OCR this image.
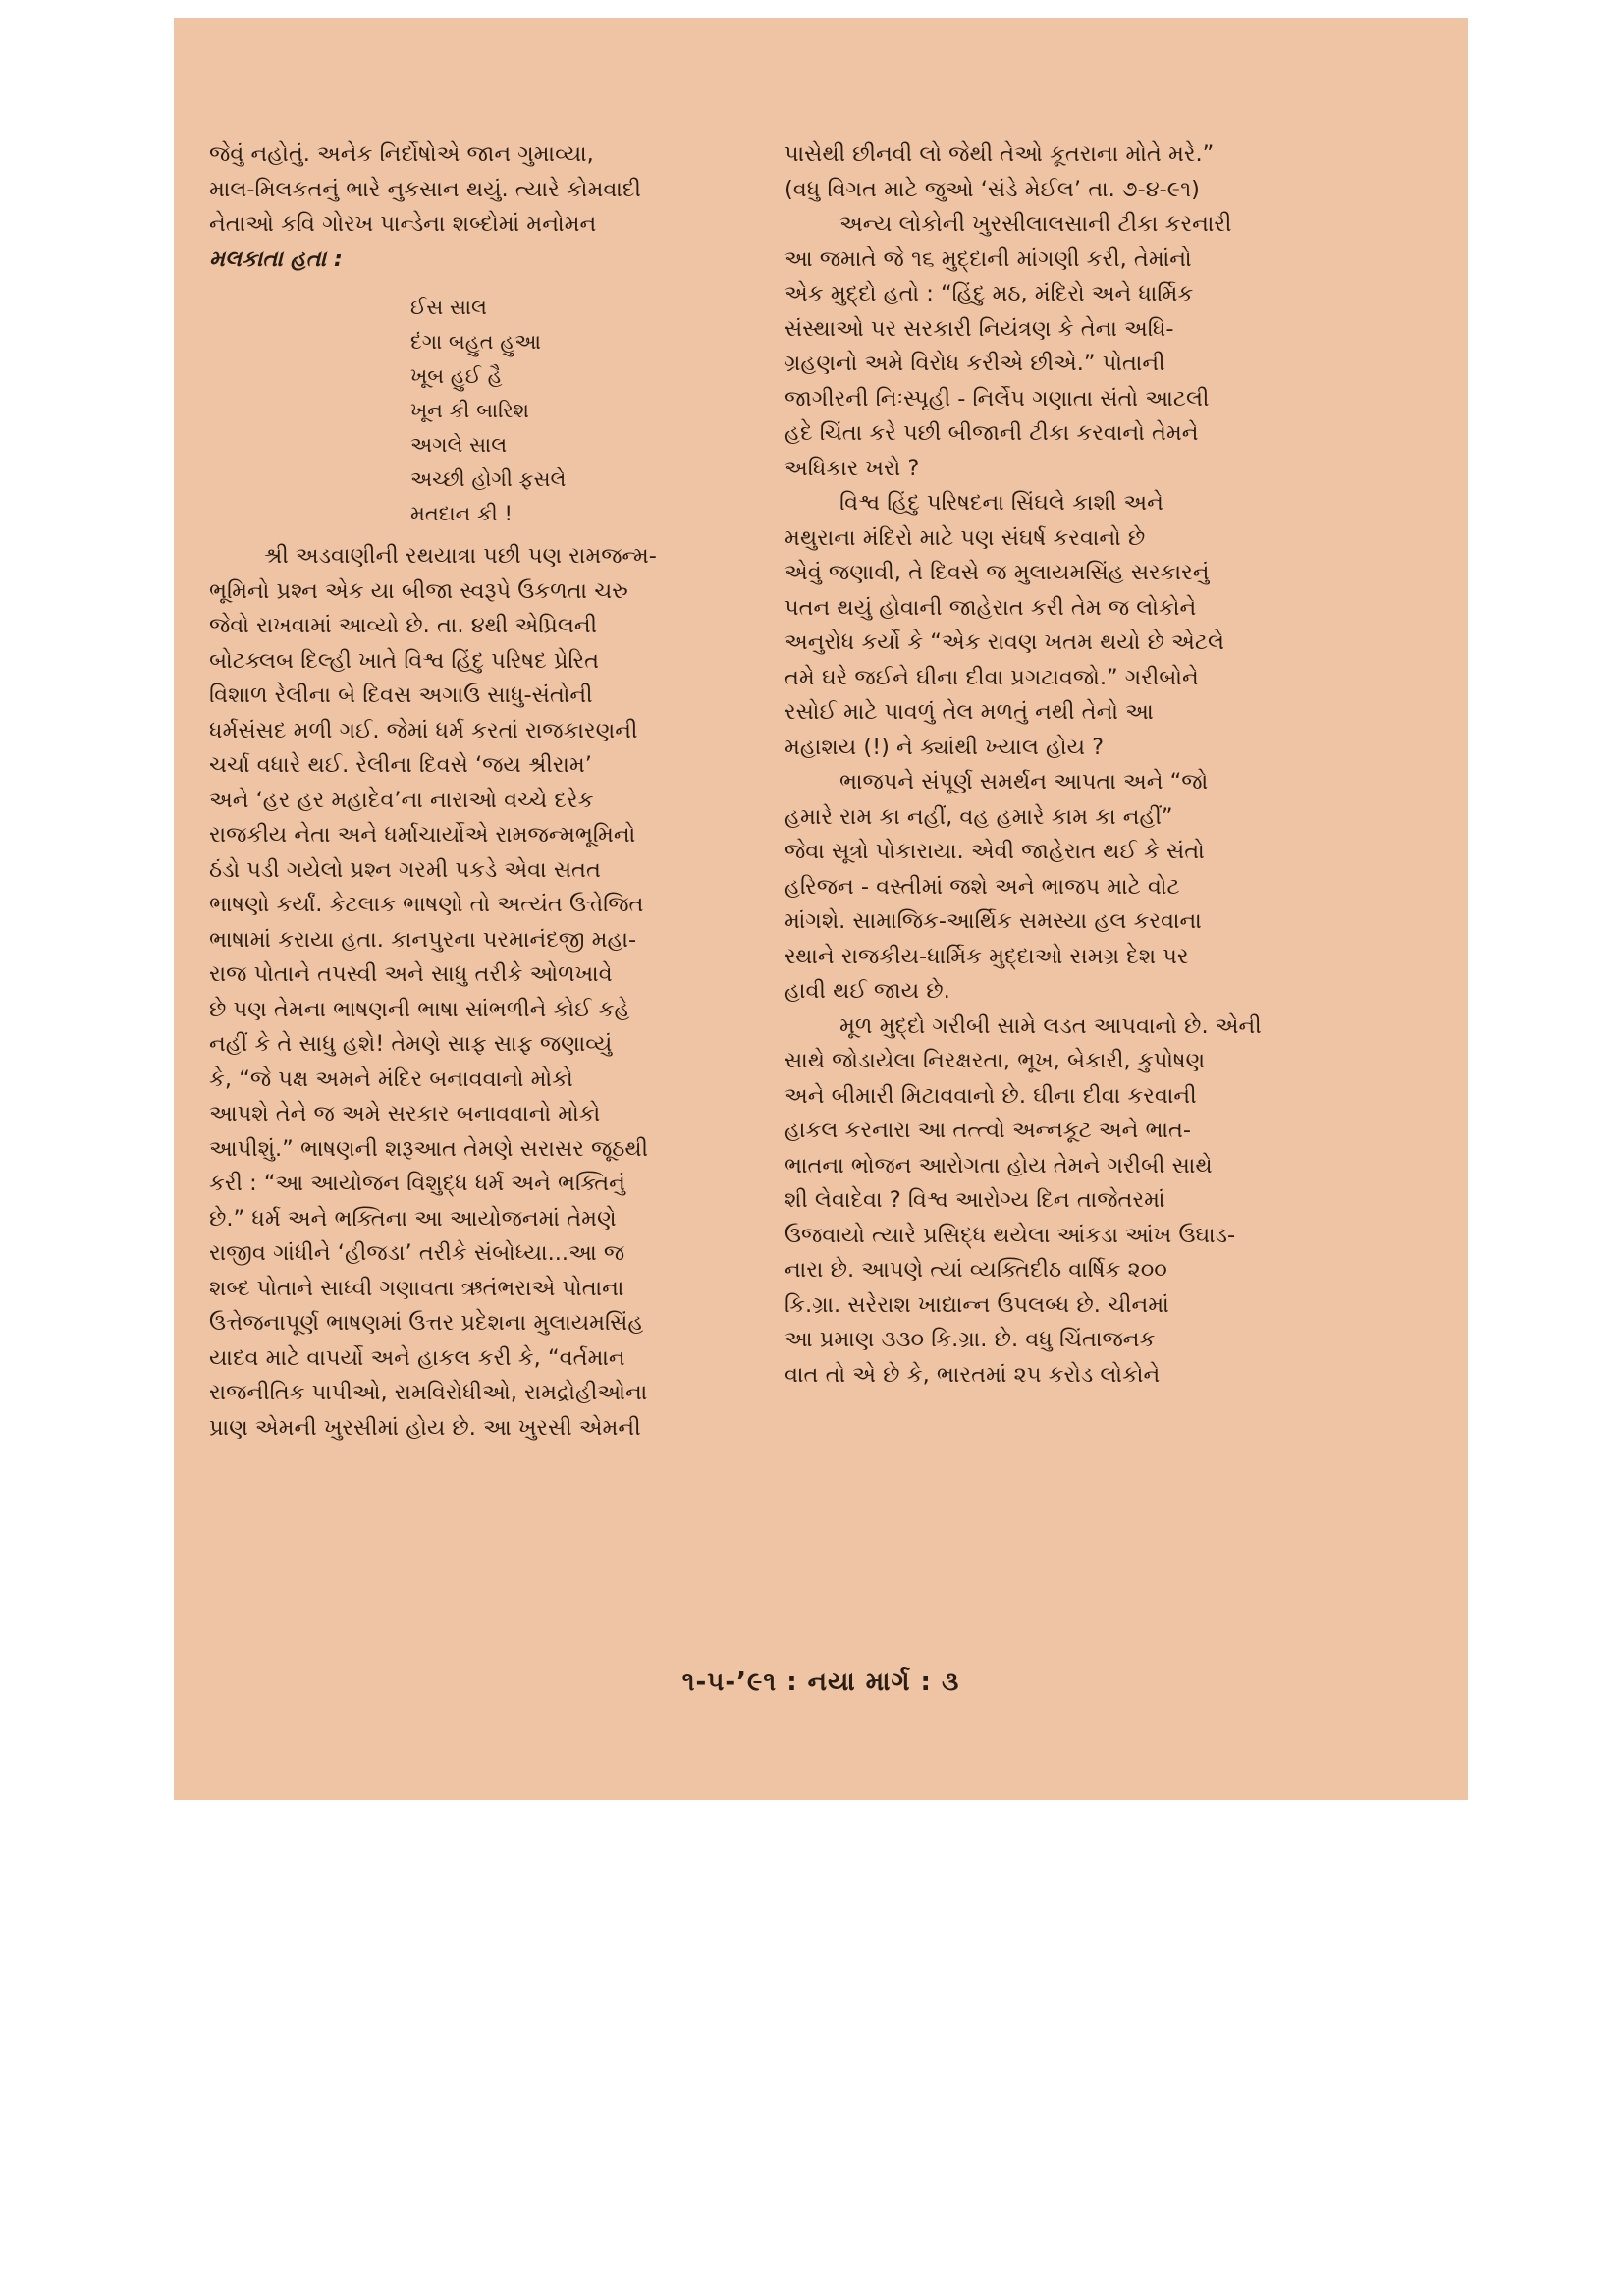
જેવું નહોતું. અનેક નિર્દોષોએ જાન ગુમાવ્યા,
માલ-મિલકતનું ભારે નુકસાન થયું. ત્યારે કોમવાદી
નેતાઓ કવિ ગોરખ પાન્ડેના શબ્દોમાં મનોમન
મલકાતા હતા :
ઈસ સાલ
દંગા બહુત હુઆ
ખૂબ હુઈ હૈ
ખૂન કી બારિશ
અગલે સાલ
અચ્છી હોગી ફસલે
મતદાન કી !
શ્રી અડવાણીની રથયાત્રા પછી પણ રામજન્મ-
ભૂમિનો પ્રશ્ન એક યા બીજા સ્વરૂપે ઉકળતા ચરુ
જેવો રાખવામાં આવ્યો છે. તા. ૪થી એપ્રિલની
બોટક્લબ દિલ્હી ખાતે વિશ્વ હિંદુ પરિષદ પ્રેરિત
વિશાળ રેલીના બે દિવસ અગાઉ સાધુ-સંતોની
ધર્મસંસદ મળી ગઈ. જેમાં ધર્મ કરતાં રાજકારણની
ચર્ચા વધારે થઈ. રેલીના દિવસે ‘જય શ્રીરામ’
અને ‘હર હર મહાદેવ’ના નારાઓ વચ્ચે દરેક
રાજકીય નેતા અને ધર્માચાર્યોએ રામજન્મભૂમિનો
ઠંડો પડી ગયેલો પ્રશ્ન ગરમી પકડે એવા સતત
ભાષણો કર્યાં. કેટલાક ભાષણો તો અત્યંત ઉત્તેજિત
ભાષામાં કરાયા હતા. કાનપુરના પરમાનંદજી મહા-
રાજ પોતાને તપસ્વી અને સાધુ તરીકે ઓળખાવે
છે પણ તેમના ભાષણની ભાષા સાંભળીને કોઈ કહે
નહીં કે તે સાધુ હશે! તેમણે સાફ સાફ જણાવ્યું
કે, “જે પક્ષ અમને મંદિર બનાવવાનો મોકો
આપશે તેને જ અમે સરકાર બનાવવાનો મોકો
આપીશું.” ભાષણની શરૂઆત તેમણે સરાસર જૂઠથી
કરી : “આ આયોજન વિશુદ્ધ ધર્મ અને ભક્તિનું
છે.” ધર્મ અને ભક્તિના આ આયોજનમાં તેમણે
રાજીવ ગાંધીને ‘હીજડા’ તરીકે સંબોધ્યા...આ જ
શબ્દ પોતાને સાધ્વી ગણાવતા ઋતંભરાએ પોતાના
ઉત્તેજનાપૂર્ણ ભાષણમાં ઉત્તર પ્રદેશના મુલાયમસિંહ
યાદવ માટે વાપર્યો અને હાકલ કરી કે, “વર્તમાન
રાજનીતિક પાપીઓ, રામવિરોધીઓ, રામદ્રોહીઓના
પ્રાણ એમની ખુરસીમાં હોય છે. આ ખુરસી એમની
પાસેથી છીનવી લો જેથી તેઓ કૂતરાના મોતે મરે.”
(વધુ વિગત માટે જુઓ ‘સંડે મેઈલ’ તા. ૭-૪-૯૧)
અન્ય લોકોની ખુરસીલાલસાની ટીકા કરનારી
આ જમાતે જે ૧૬ મુદ્દાની માંગણી કરી, તેમાંનો
એક મુદ્દો હતો : “હિંદુ મઠ, મંદિરો અને ધાર્મિક
સંસ્થાઓ પર સરકારી નિયંત્રણ કે તેના અધિ-
ગ્રહણનો અમે વિરોધ કરીએ છીએ.” પોતાની
જાગીરની નિઃસ્પૃહી - નિર્લેપ ગણાતા સંતો આટલી
હદે ચિંતા કરે પછી બીજાની ટીકા કરવાનો તેમને
અધિકાર ખરો ?
વિશ્વ હિંદુ પરિષદના સિંઘલે કાશી અને
મથુરાના મંદિરો માટે પણ સંઘર્ષ કરવાનો છે
એવું જણાવી, તે દિવસે જ મુલાયમસિંહ સરકારનું
પતન થયું હોવાની જાહેરાત કરી તેમ જ લોકોને
અનુરોધ કર્યો કે “એક રાવણ ખતમ થયો છે એટલે
તમે ઘરે જઈને ઘીના દીવા પ્રગટાવજો.” ગરીબોને
રસોઈ માટે પાવળું તેલ મળતું નથી તેનો આ
મહાશય (!) ને ક્યાંથી ખ્યાલ હોય ?
ભાજપને સંપૂર્ણ સમર્થન આપતા અને “જો
હમારે રામ કા નહીં, વહ હમારે કામ કા નહીં”
જેવા સૂત્રો પોકારાયા. એવી જાહેરાત થઈ કે સંતો
હરિજન - વસ્તીમાં જશે અને ભાજપ માટે વોટ
માંગશે. સામાજિક-આર્થિક સમસ્યા હલ કરવાના
સ્થાને રાજકીય-ધાર્મિક મુદ્દાઓ સમગ્ર દેશ પર
હાવી થઈ જાય છે.
મૂળ મુદ્દો ગરીબી સામે લડત આપવાનો છે. એની
સાથે જોડાયેલા નિરક્ષરતા, ભૂખ, બેકારી, કુપોષણ
અને બીમારી મિટાવવાનો છે. ઘીના દીવા કરવાની
હાકલ કરનારા આ તત્ત્વો અન્નકૂટ અને ભાત-
ભાતના ભોજન આરોગતા હોય તેમને ગરીબી સાથે
શી લેવાદેવા ? વિશ્વ આરોગ્ય દિન તાજેતરમાં
ઉજવાયો ત્યારે પ્રસિદ્ધ થયેલા આંકડા આંખ ઉઘાડ-
નારા છે. આપણે ત્યાં વ્યક્તિદીઠ વાર્ષિક ૨૦૦
કિ.ગ્રા. સરેરાશ ખાદ્યાન્ન ઉપલબ્ધ છે. ચીનમાં
આ પ્રમાણ ૩૩૦ કિ.ગ્રા. છે. વધુ ચિંતાજનક
વાત તો એ છે કે, ભારતમાં ૨૫ કરોડ લોકોને
૧-૫-’૯૧ : નયા માર્ગ : ૩
